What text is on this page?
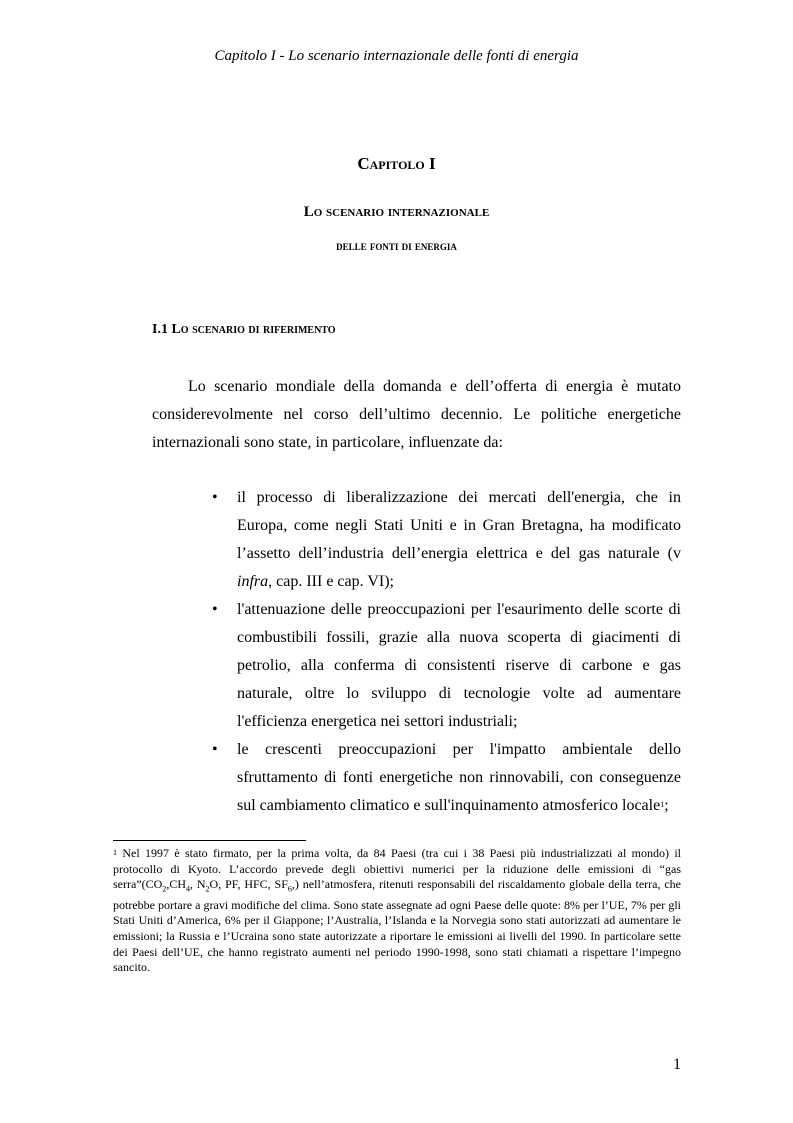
Capitolo I - Lo scenario internazionale delle fonti di energia
Capitolo I
Lo scenario internazionale
delle fonti di energia
I.1 Lo scenario di riferimento

Lo scenario mondiale della domanda e dell’offerta di energia è mutato considerevolmente nel corso dell’ultimo decennio. Le politiche energetiche internazionali sono state, in particolare, influenzate da:

• il processo di liberalizzazione dei mercati dell'energia, che in Europa, come negli Stati Uniti e in Gran Bretagna, ha modificato l’assetto dell’industria dell’energia elettrica e del gas naturale (v infra, cap. III e cap. VI);
• l'attenuazione delle preoccupazioni per l'esaurimento delle scorte di combustibili fossili, grazie alla nuova scoperta di giacimenti di petrolio, alla conferma di consistenti riserve di carbone e gas naturale, oltre lo sviluppo di tecnologie volte ad aumentare l'efficienza energetica nei settori industriali;
• le crescenti preoccupazioni per l'impatto ambientale dello sfruttamento di fonti energetiche non rinnovabili, con conseguenze sul cambiamento climatico e sull'inquinamento atmosferico locale$^1$;

$^1$ Nel 1997 è stato firmato, per la prima volta, da 84 Paesi (tra cui i 38 Paesi più industrializzati al mondo) il protocollo di Kyoto. L’accordo prevede degli obiettivi numerici per la riduzione delle emissioni di “gas $serra”(CO_2,CH_4$, $N_2O$, PF, HFC, $SF_6$,) nell’atmosfera, ritenuti responsabili del riscaldamento globale della terra, che potrebbe portare a gravi modifiche del clima. Sono state assegnate ad ogni Paese delle quote: 8% per l’UE, 7% per gli Stati Uniti d’America, 6% per il Giappone; l’Australia, l’Islanda e la Norvegia sono stati autorizzati ad aumentare le emissioni; la Russia e l’Ucraina sono state autorizzate a riportare le emissioni ai livelli del 1990. In particolare sette dei Paesi dell’UE, che hanno registrato aumenti nel periodo 1990-1998, sono stati chiamati a rispettare l’impegno sancito.

1
